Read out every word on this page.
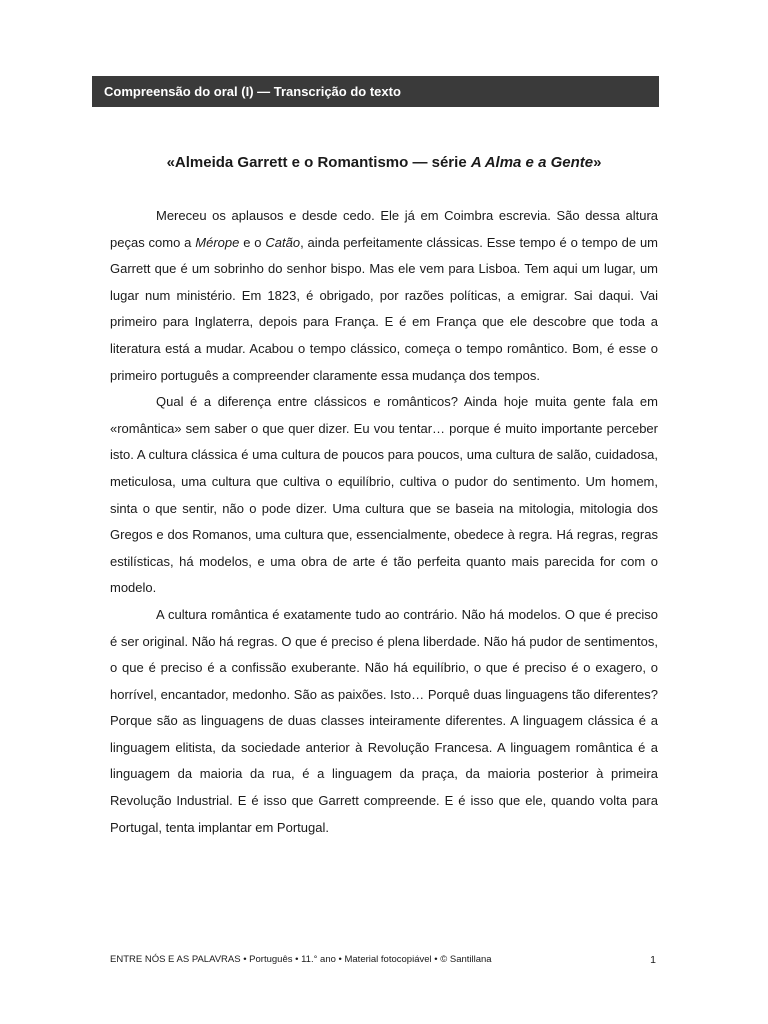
Compreensão do oral (I) — Transcrição do texto
«Almeida Garrett e o Romantismo — série A Alma e a Gente»

Mereceu os aplausos e desde cedo. Ele já em Coimbra escrevia. São dessa altura peças como a Mérope e o Catão, ainda perfeitamente clássicas. Esse tempo é o tempo de um Garrett que é um sobrinho do senhor bispo. Mas ele vem para Lisboa. Tem aqui um lugar, um lugar num ministério. Em 1823, é obrigado, por razões políticas, a emigrar. Sai daqui. Vai primeiro para Inglaterra, depois para França. E é em França que ele descobre que toda a literatura está a mudar. Acabou o tempo clássico, começa o tempo romântico. Bom, é esse o primeiro português a compreender claramente essa mudança dos tempos.

Qual é a diferença entre clássicos e românticos? Ainda hoje muita gente fala em «romântica» sem saber o que quer dizer. Eu vou tentar… porque é muito importante perceber isto. A cultura clássica é uma cultura de poucos para poucos, uma cultura de salão, cuidadosa, meticulosa, uma cultura que cultiva o equilíbrio, cultiva o pudor do sentimento. Um homem, sinta o que sentir, não o pode dizer. Uma cultura que se baseia na mitologia, mitologia dos Gregos e dos Romanos, uma cultura que, essencialmente, obedece à regra. Há regras, regras estilísticas, há modelos, e uma obra de arte é tão perfeita quanto mais parecida for com o modelo.

A cultura romântica é exatamente tudo ao contrário. Não há modelos. O que é preciso é ser original. Não há regras. O que é preciso é plena liberdade. Não há pudor de sentimentos, o que é preciso é a confissão exuberante. Não há equilíbrio, o que é preciso é o exagero, o horrível, encantador, medonho. São as paixões. Isto… Porquê duas linguagens tão diferentes? Porque são as linguagens de duas classes inteiramente diferentes. A linguagem clássica é a linguagem elitista, da sociedade anterior à Revolução Francesa. A linguagem romântica é a linguagem da maioria da rua, é a linguagem da praça, da maioria posterior à primeira Revolução Industrial. E é isso que Garrett compreende. E é isso que ele, quando volta para Portugal, tenta implantar em Portugal.

ENTRE NÓS E AS PALAVRAS • Português • 11.° ano • Material fotocopiável • © Santillana	1
